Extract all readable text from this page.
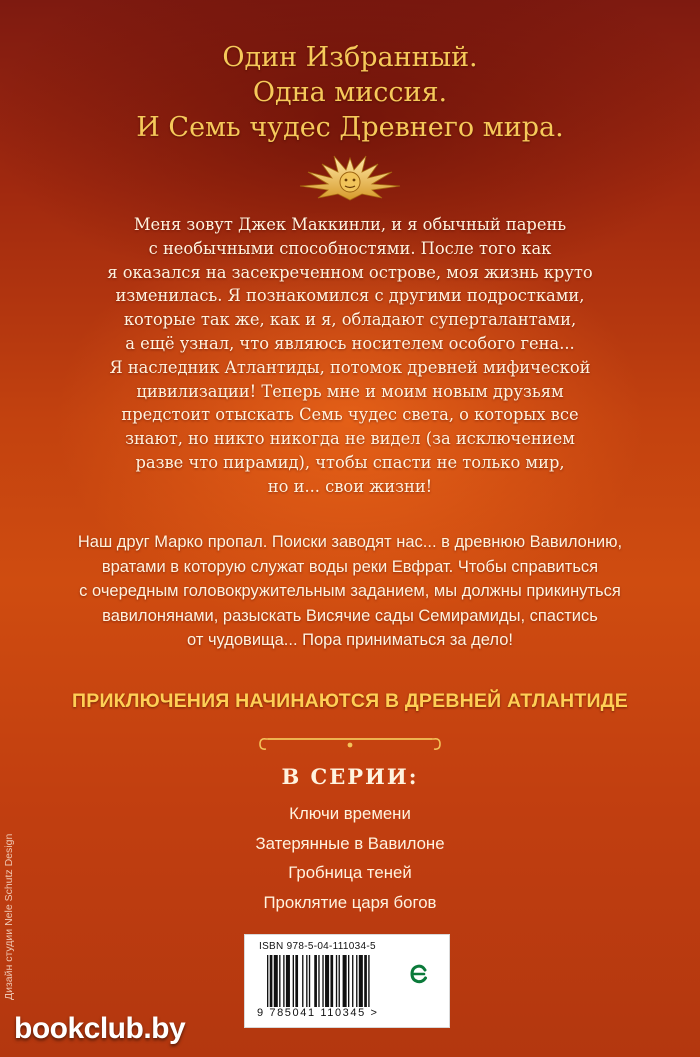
Один Избранный.
Одна миссия.
И Семь чудес Древнего мира.
Меня зовут Джек Маккинли, и я обычный парень
с необычными способностями. После того как
я оказался на засекреченном острове, моя жизнь круто
изменилась. Я познакомился с другими подростками,
которые так же, как и я, обладают суперталантами,
а ещё узнал, что являюсь носителем особого гена...
Я наследник Атлантиды, потомок древней мифической
цивилизации! Теперь мне и моим новым друзьям
предстоит отыскать Семь чудес света, о которых все
знают, но никто никогда не видел (за исключением
разве что пирамид), чтобы спасти не только мир,
но и... свои жизни!
Наш друг Марко пропал. Поиски заводят нас... в древнюю Вавилонию,
вратами в которую служат воды реки Евфрат. Чтобы справиться
с очередным головокружительным заданием, мы должны прикинуться
вавилонянами, разыскать Висячие сады Семирамиды, спастись
от чудовища... Пора приниматься за дело!
ПРИКЛЮЧЕНИЯ НАЧИНАЮТСЯ В ДРЕВНЕЙ АТЛАНТИДЕ
В СЕРИИ:
Ключи времени
Затерянные в Вавилоне
Гробница теней
Проклятие царя богов
Дизайн студии Nele Schutz Design	ISBN 978-5-04-111034-5
9 785041 110345 >
bookclub.by
